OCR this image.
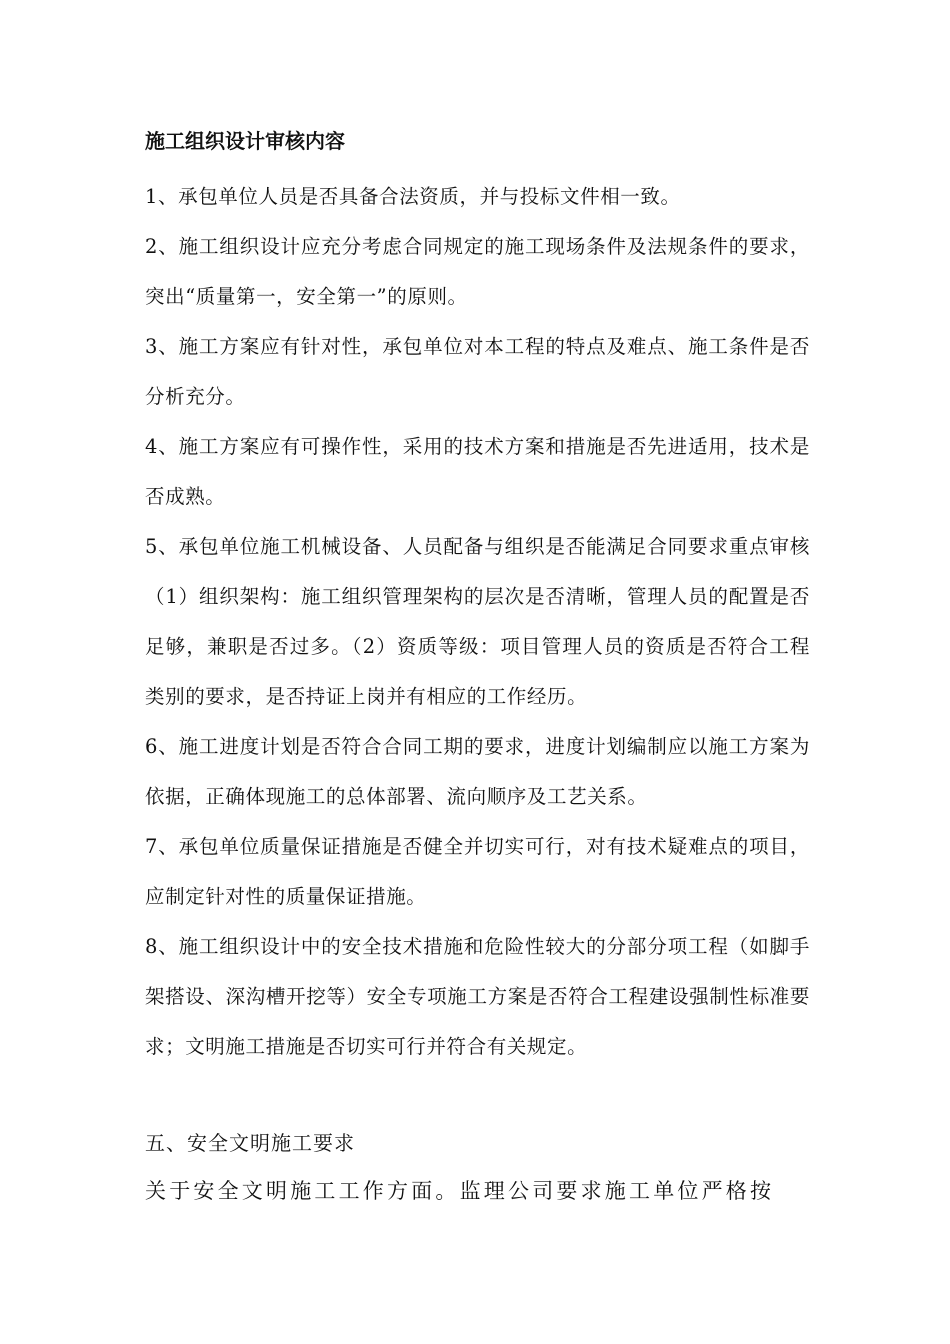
施工组织设计审核内容

1、承包单位人员是否具备合法资质，并与投标文件相一致。

2、施工组织设计应充分考虑合同规定的施工现场条件及法规条件的要求，突出“质量第一，安全第一”的原则。

3、施工方案应有针对性，承包单位对本工程的特点及难点、施工条件是否分析充分。

4、施工方案应有可操作性，采用的技术方案和措施是否先进适用，技术是否成熟。

5、承包单位施工机械设备、人员配备与组织是否能满足合同要求重点审核（1）组织架构：施工组织管理架构的层次是否清晰，管理人员的配置是否足够，兼职是否过多。（2）资质等级：项目管理人员的资质是否符合工程类别的要求，是否持证上岗并有相应的工作经历。

6、施工进度计划是否符合合同工期的要求，进度计划编制应以施工方案为依据，正确体现施工的总体部署、流向顺序及工艺关系。

7、承包单位质量保证措施是否健全并切实可行，对有技术疑难点的项目，应制定针对性的质量保证措施。

8、施工组织设计中的安全技术措施和危险性较大的分部分项工程（如脚手架搭设、深沟槽开挖等）安全专项施工方案是否符合工程建设强制性标准要求；文明施工措施是否切实可行并符合有关规定。

五、安全文明施工要求

关于安全文明施工工作方面。监理公司要求施工单位严格按
